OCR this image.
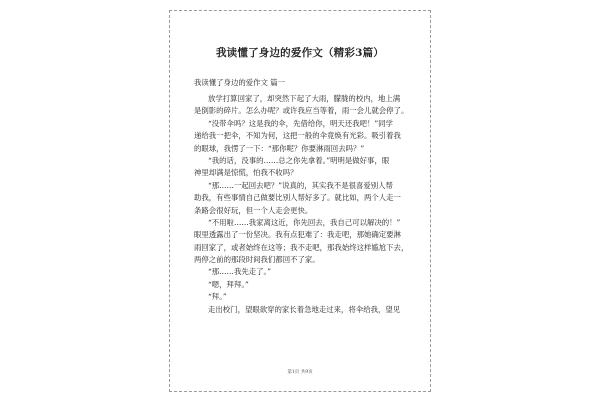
我读懂了身边的爱作文（精彩3篇）
我读懂了身边的爱作文 篇一
放学打算回家了，却突然下起了大雨，朦胧的校内，地上满
是倒影的碎片。怎么办呢？或许我应当等着，雨一会儿就会停了。
“没带伞吗？这是我的伞，先借给你，明天还我吧！”同学
递给我一把伞，不知为何，这把一般的伞竟焕有光彩。吸引着我
的眼球，我愣了一下：“那你呢？你要淋雨回去吗？”
“我的话，没事的……总之你先拿着。”明明是做好事，眼
神里却满是惊慌，怕我不收吗？
“那……一起回去吧？”说真的，其实我不是很喜爱别人帮
助我，有些事情自己做要比别人帮好多了。就比如，两个人走一
条路会很好玩，但一个人走会更快。
“不用啦……我家离这近，你先回去，我自己可以解决的！”
眼里透露出了一份坚决。我有点犯难了：我走吧，那她确定要淋
雨回家了，或者始终在这等；我不走吧，那我始终这样尴尬下去，
两停之前的那段时间我们都回不了家。
“那……我先走了。”
“嗯，拜拜。”
“拜。”
走出校门，望眼欲穿的家长着急地走过来，将伞给我，望见
第1页 共9页
